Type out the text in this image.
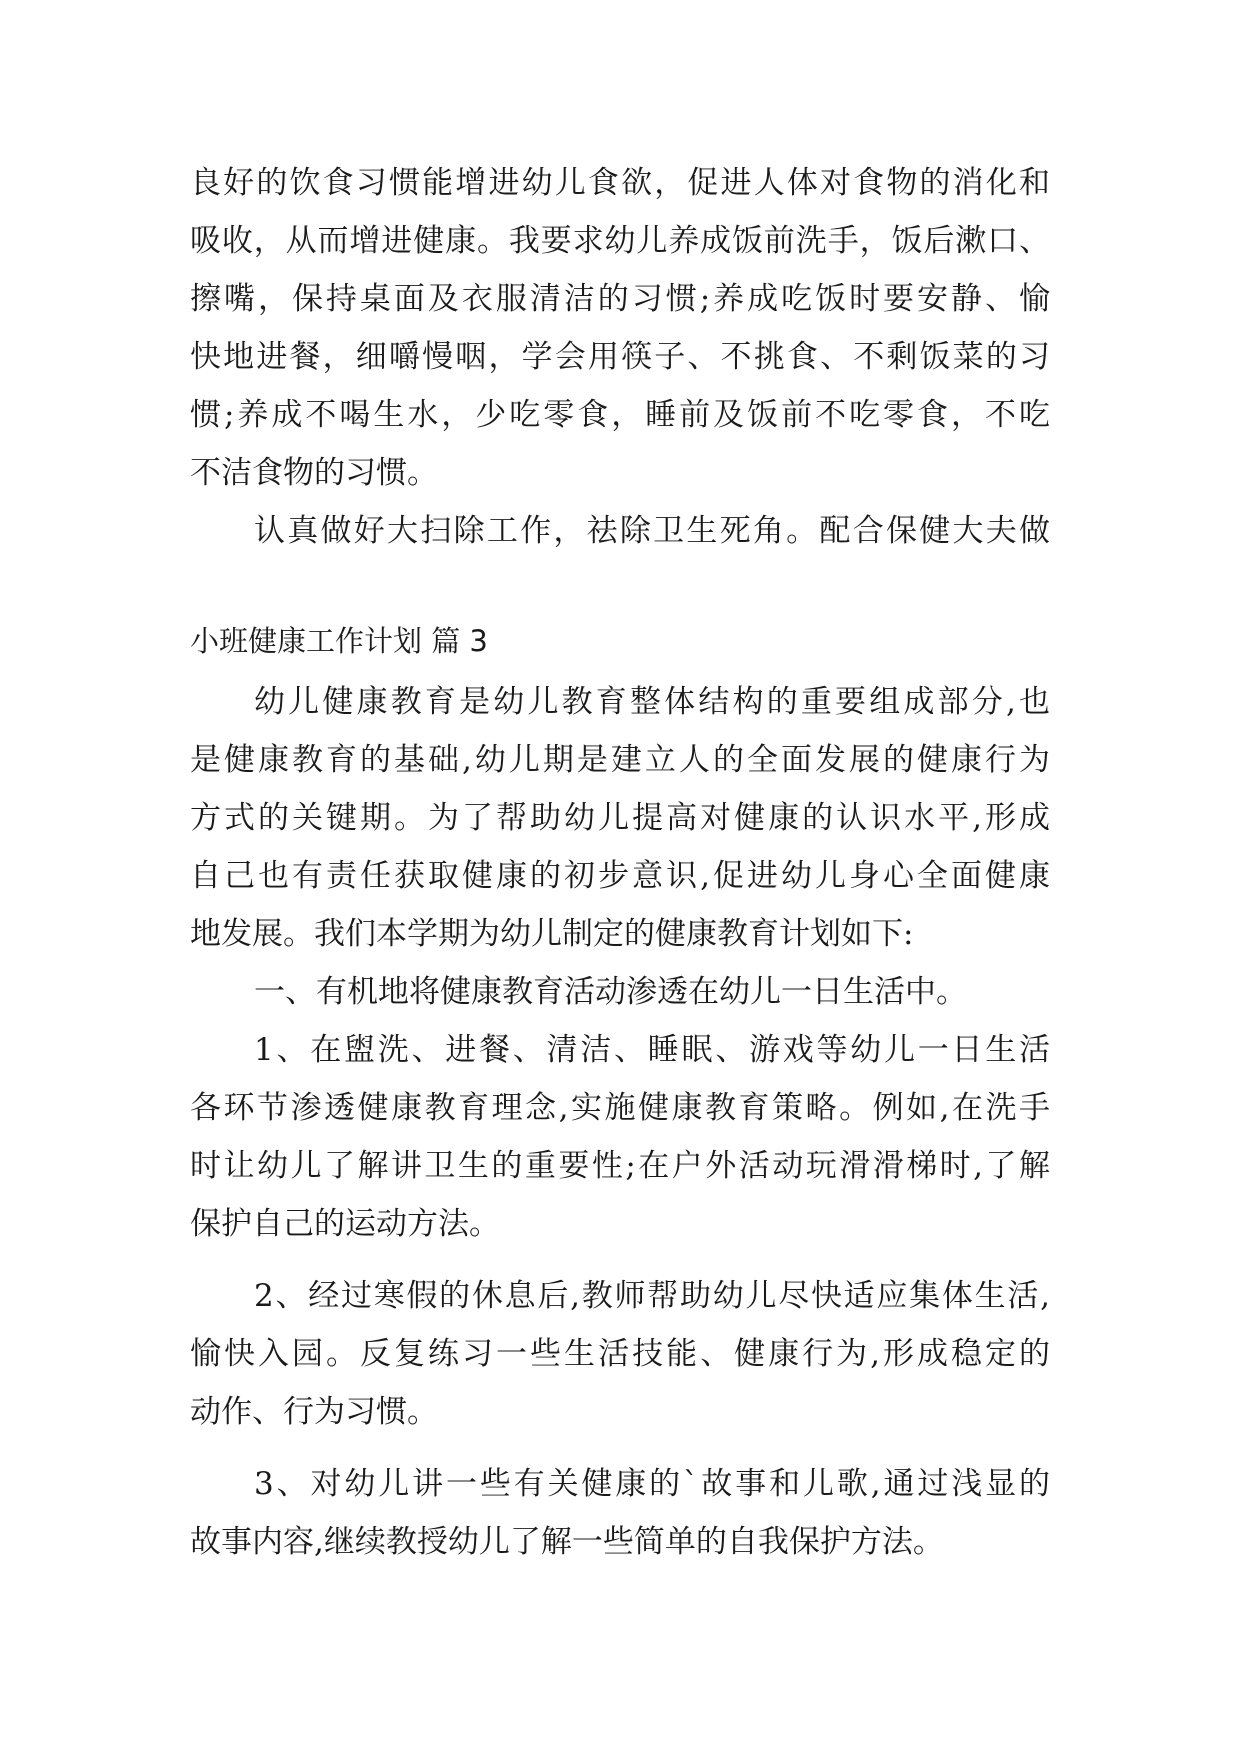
良好的饮食习惯能增进幼儿食欲，促进人体对食物的消化和
吸收，从而增进健康。我要求幼儿养成饭前洗手，饭后漱口、
擦嘴，保持桌面及衣服清洁的习惯;养成吃饭时要安静、愉
快地进餐，细嚼慢咽，学会用筷子、不挑食、不剩饭菜的习
惯;养成不喝生水，少吃零食，睡前及饭前不吃零食，不吃
不洁食物的习惯。
认真做好大扫除工作，祛除卫生死角。配合保健大夫做
小班健康工作计划 篇 3
幼儿健康教育是幼儿教育整体结构的重要组成部分,也
是健康教育的基础,幼儿期是建立人的全面发展的健康行为
方式的关键期。为了帮助幼儿提高对健康的认识水平,形成
自己也有责任获取健康的初步意识,促进幼儿身心全面健康
地发展。我们本学期为幼儿制定的健康教育计划如下:
一、有机地将健康教育活动渗透在幼儿一日生活中。
1、在盥洗、进餐、清洁、睡眠、游戏等幼儿一日生活
各环节渗透健康教育理念,实施健康教育策略。例如,在洗手
时让幼儿了解讲卫生的重要性;在户外活动玩滑滑梯时,了解
保护自己的运动方法。
2、经过寒假的休息后,教师帮助幼儿尽快适应集体生活,
愉快入园。反复练习一些生活技能、健康行为,形成稳定的
动作、行为习惯。
3、对幼儿讲一些有关健康的`故事和儿歌,通过浅显的
故事内容,继续教授幼儿了解一些简单的自我保护方法。
